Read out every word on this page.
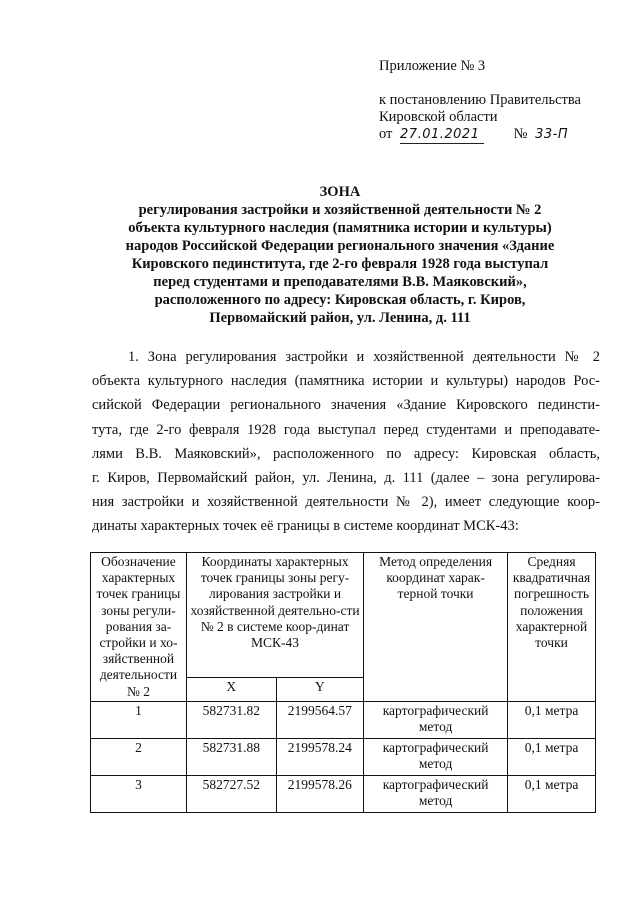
Приложение № 3
к постановлению Правительства
Кировской области
от 27.01.2021 № 33-П
ЗОНА
регулирования застройки и хозяйственной деятельности № 2
объекта культурного наследия (памятника истории и культуры)
народов Российской Федерации регионального значения «Здание
Кировского пединститута, где 2-го февраля 1928 года выступал
перед студентами и преподавателями В.В. Маяковский»,
расположенного по адресу: Кировская область, г. Киров,
Первомайский район, ул. Ленина, д. 111
1. Зона регулирования застройки и хозяйственной деятельности № 2
объекта культурного наследия (памятника истории и культуры) народов Рос-
сийской Федерации регионального значения «Здание Кировского пединсти-
тута, где 2-го февраля 1928 года выступал перед студентами и преподавате-
лями В.В. Маяковский», расположенного по адресу: Кировская область,
г. Киров, Первомайский район, ул. Ленина, д. 111 (далее – зона регулирова-
ния застройки и хозяйственной деятельности № 2), имеет следующие коор-
динаты характерных точек её границы в системе координат МСК-43:
Обозначение характерных точек границы зоны регули-рования за-стройки и хо-зяйственной деятельности № 2	Координаты характерных точек границы зоны регу-лирования застройки и хозяйственной деятельно-сти № 2 в системе коор-динат МСК-43		Метод определения координат харак-терной точки	Средняя квадратичная погрешность положения характерной точки
	X	Y		
1	582731.82	2199564.57	картографический метод	0,1 метра
2	582731.88	2199578.24	картографический метод	0,1 метра
3	582727.52	2199578.26	картографический метод	0,1 метра
